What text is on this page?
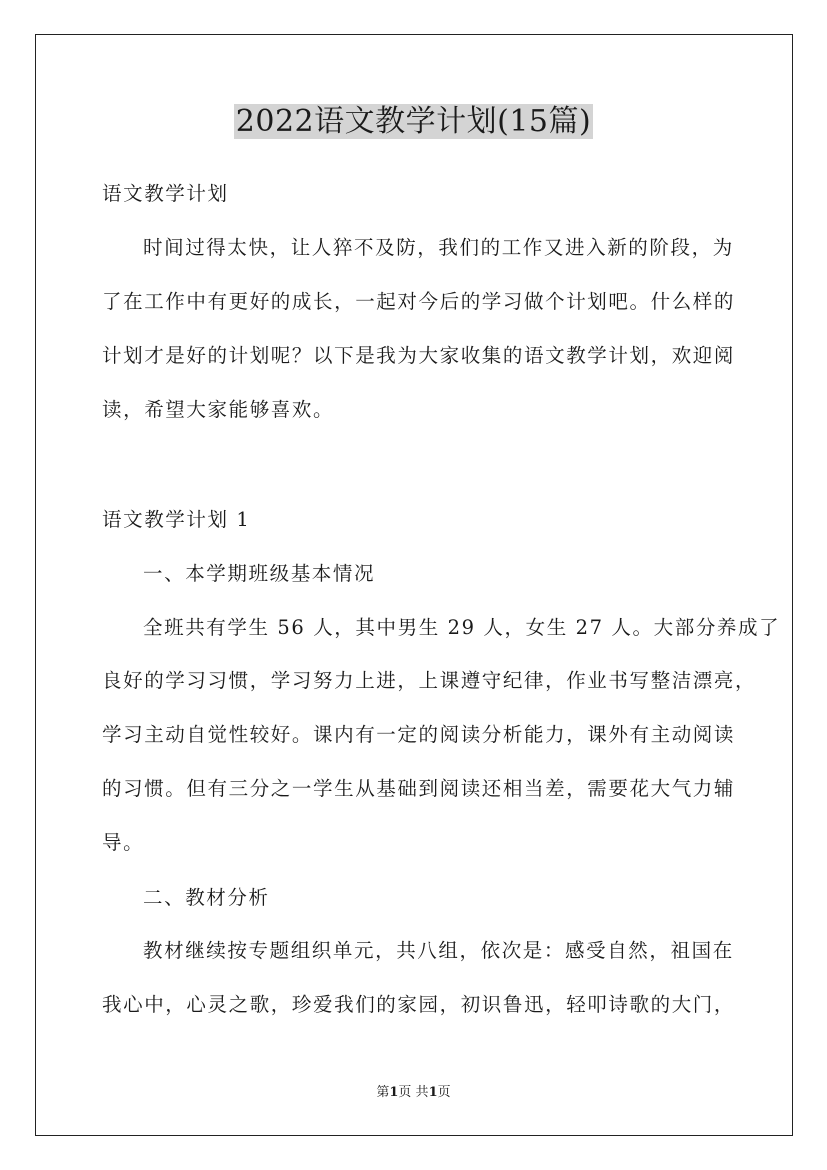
2022语文教学计划(15篇)
语文教学计划
时间过得太快，让人猝不及防，我们的工作又进入新的阶段，为
了在工作中有更好的成长，一起对今后的学习做个计划吧。什么样的
计划才是好的计划呢？以下是我为大家收集的语文教学计划，欢迎阅
读，希望大家能够喜欢。
语文教学计划 1
一、本学期班级基本情况
全班共有学生 56 人，其中男生 29 人，女生 27 人。大部分养成了
良好的学习习惯，学习努力上进，上课遵守纪律，作业书写整洁漂亮，
学习主动自觉性较好。课内有一定的阅读分析能力，课外有主动阅读
的习惯。但有三分之一学生从基础到阅读还相当差，需要花大气力辅
导。
二、教材分析
教材继续按专题组织单元，共八组，依次是：感受自然，祖国在
我心中，心灵之歌，珍爱我们的家园，初识鲁迅，轻叩诗歌的大门，
第1页 共1页
